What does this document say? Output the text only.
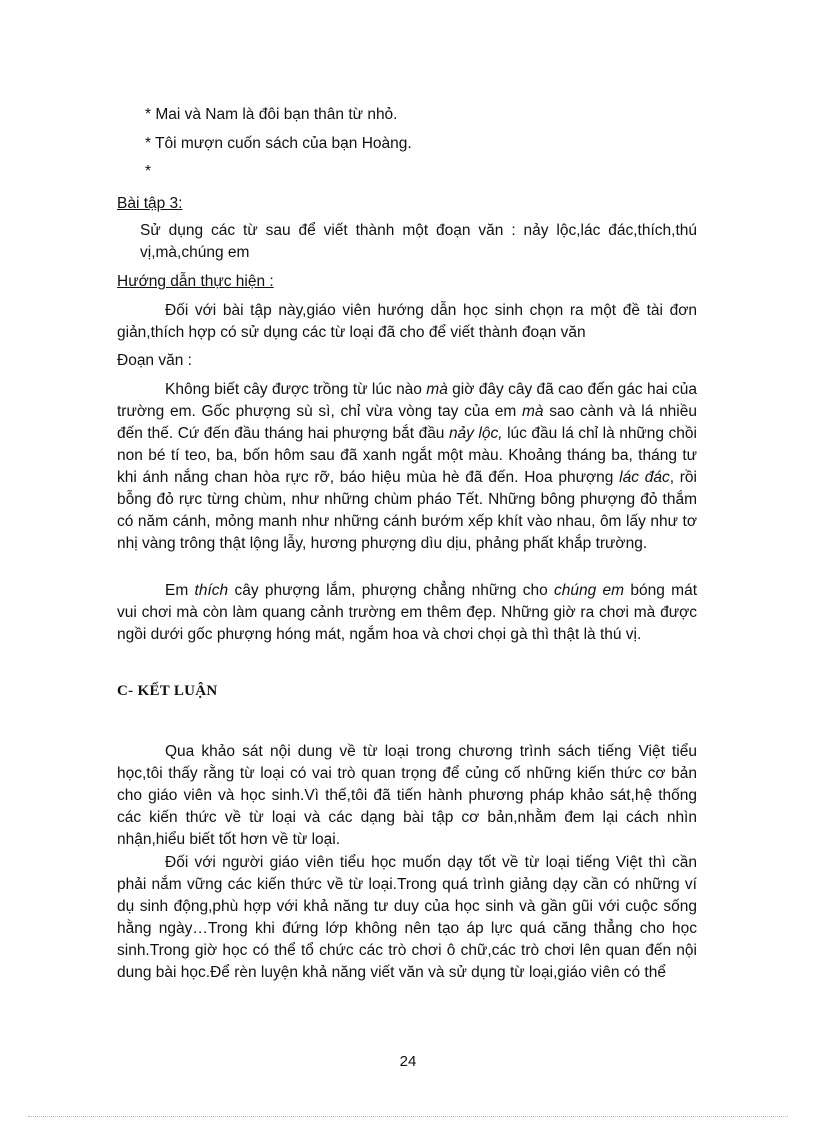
* Mai và Nam là đôi bạn thân từ nhỏ.
* Tôi mượn cuốn sách của bạn Hoàng.
*
Bài tập 3:
Sử dụng các từ sau để viết thành một đoạn văn : nảy lộc,lác đác,thích,thú vị,mà,chúng em
Hướng dẫn thực hiện :
Đối với bài tập này,giáo viên hướng dẫn học sinh chọn ra một đề tài đơn giản,thích hợp có sử dụng các từ loại đã cho để viết thành đoạn văn
Đoạn văn :
Không biết cây được trồng từ lúc nào mà giờ đây cây đã cao đến gác hai của trường em. Gốc phượng sù sì, chỉ vừa vòng tay của em mà sao cành và lá nhiều đến thế. Cứ đến đầu tháng hai phượng bắt đầu nảy lộc, lúc đầu lá chỉ là những chồi non bé tí teo, ba, bốn hôm sau đã xanh ngắt một màu. Khoảng tháng ba, tháng tư khi ánh nắng chan hòa rực rỡ, báo hiệu mùa hè đã đến. Hoa phượng lác đác, rồi bỗng đỏ rực từng chùm, như những chùm pháo Tết. Những bông phượng đỏ thắm có năm cánh, mỏng manh như những cánh bướm xếp khít vào nhau, ôm lấy như tơ nhị vàng trông thật lộng lẫy, hương phượng dìu dịu, phảng phất khắp trường.
Em thích cây phượng lắm, phượng chẳng những cho chúng em bóng mát vui chơi mà còn làm quang cảnh trường em thêm đẹp. Những giờ ra chơi mà được ngồi dưới gốc phượng hóng mát, ngắm hoa và chơi chọi gà thì thật là thú vị.
C- KẾT LUẬN
Qua khảo sát nội dung về từ loại trong chương trình sách tiếng Việt tiểu học,tôi thấy rằng từ loại có vai trò quan trọng để củng cố những kiến thức cơ bản cho giáo viên và học sinh.Vì thế,tôi đã tiến hành phương pháp khảo sát,hệ thống các kiến thức về từ loại và các dạng bài tập cơ bản,nhằm đem lại cách nhìn nhận,hiểu biết tốt hơn về từ loại.
Đối với người giáo viên tiểu học muốn dạy tốt về từ loại tiếng Việt thì cần phải nắm vững các kiến thức về từ loại.Trong quá trình giảng dạy cần có những ví dụ sinh động,phù hợp với khả năng tư duy của học sinh và gần gũi với cuộc sống hằng ngày…Trong khi đứng lớp không nên tạo áp lực quá căng thẳng cho học sinh.Trong giờ học có thể tổ chức các trò chơi ô chữ,các trò chơi lên quan đến nội dung bài học.Để rèn luyện khả năng viết văn và sử dụng từ loại,giáo viên có thể
24
